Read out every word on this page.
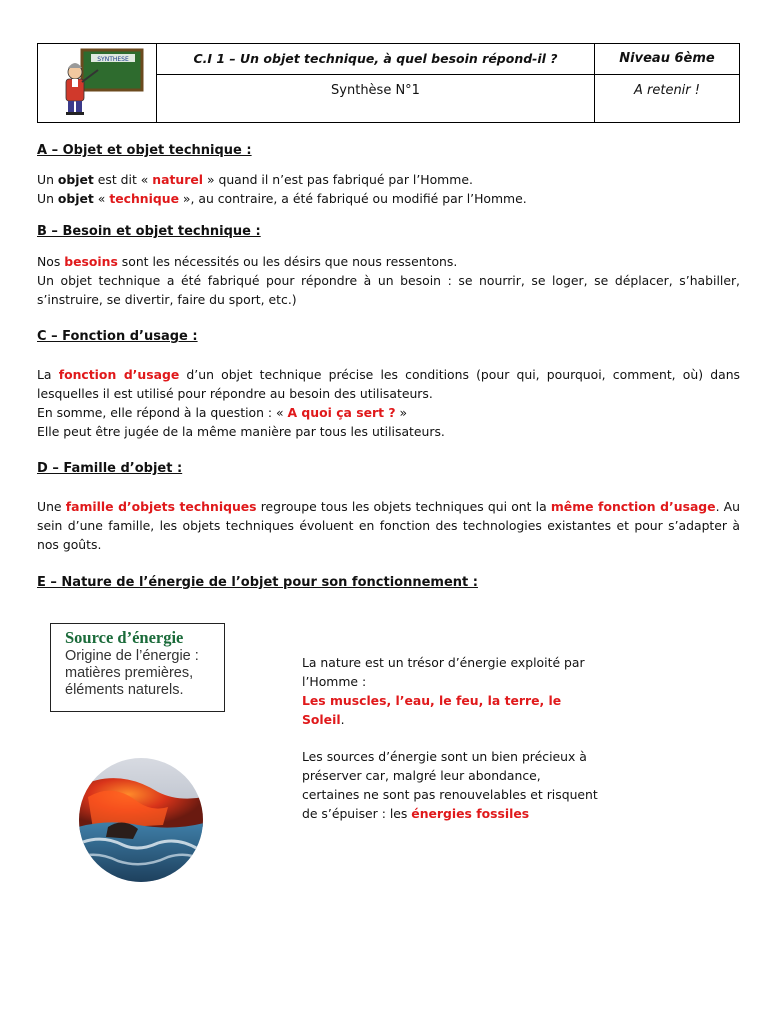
SYNTHESE	C.I 1 – Un objet technique, à quel besoin répond-il ?	Niveau 6ème
Synthèse N°1	A retenir !
A – Objet et objet technique :
Un objet est dit « naturel » quand il n’est pas fabriqué par l’Homme.
Un objet « technique », au contraire, a été fabriqué ou modifié par l’Homme.
B – Besoin et objet technique :
Nos besoins sont les nécessités ou les désirs que nous ressentons.
Un objet technique a été fabriqué pour répondre à un besoin : se nourrir, se loger, se déplacer, s’habiller, s’instruire, se divertir, faire du sport, etc.)
C – Fonction d’usage :
La fonction d’usage d’un objet technique précise les conditions (pour qui, pourquoi, comment, où) dans lesquelles il est utilisé pour répondre au besoin des utilisateurs.
En somme, elle répond à la question : « A quoi ça sert ? »
Elle peut être jugée de la même manière par tous les utilisateurs.
D – Famille d’objet :
Une famille d’objets techniques regroupe tous les objets techniques qui ont la même fonction d’usage. Au sein d’une famille, les objets techniques évoluent en fonction des technologies existantes et pour s’adapter à nos goûts.
E – Nature de l’énergie de l’objet pour son fonctionnement :
Source d’énergie
Origine de l’énergie :
matières premières,
éléments naturels.
La nature est un trésor d’énergie exploité par
l’Homme :
Les muscles, l’eau, le feu, la terre, le
Soleil.
Les sources d’énergie sont un bien précieux à
préserver car, malgré leur abondance,
certaines ne sont pas renouvelables et risquent
de s’épuiser : les énergies fossiles
